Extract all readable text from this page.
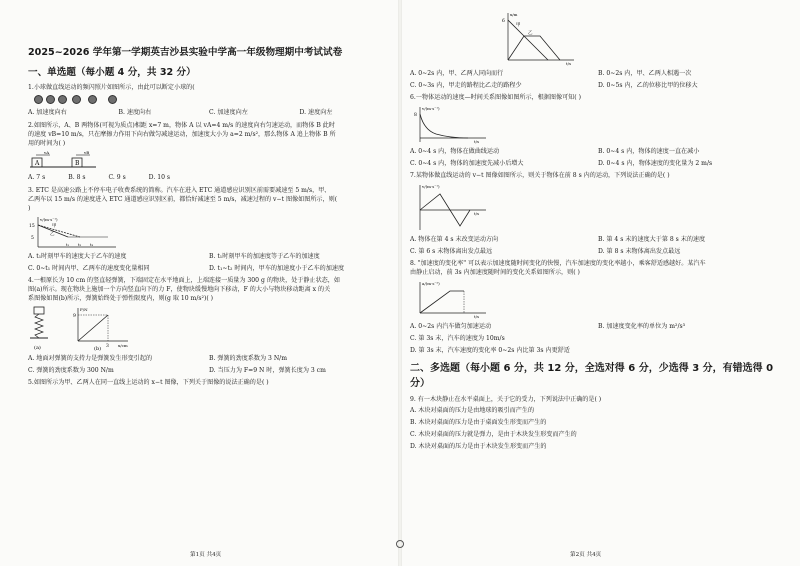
2025~2026 学年第一学期英吉沙县实验中学高一年级物理期中考试试卷
一、单选题（每小题 4 分，共 32 分）

1.小球做直线运动的频闪照片如图所示，由此可以断定小球的(

A. 加速度向右	B. 速度向右	C. 加速度向左	D. 速度向左

2.如图所示，A、B 两物体(可视为质点)相距 x=7 m，物体 A 以 vA=4 m/s 的速度向右匀速运动，而物体 B 此时

的速度 vB=10 m/s，只在摩擦力作用下向右做匀减速运动，加速度大小为 a=2 m/s²，那么物体 A 追上物体 B 所

用的时间为( )

A	B
vA	vB
A. 7 s	B. 8 s	C. 9 s	D. 10 s

3. ETC 是高速公路上不停车电子收费系统的简称。汽车在进入 ETC 通道感应识别区前需要减速至 5 m/s，甲、

乙两车以 15 m/s 的速度进入 ETC 通道感应识别区前，都恰好减速至 5 m/s，减速过程的 v−t 图像如图所示，则(

)

v/(m·s⁻¹)
15
5
甲
乙
t₁ t₂ t₃
A. t₁时刻甲车的速度大于乙车的速度	B. t₁时刻甲车的加速度等于乙车的加速度
C. 0~t₁ 时间内甲、乙两车的速度变化量相同	D. t₁~t₂ 时间内，甲车的加速度小于乙车的加速度

4.一根原长为 10 cm 的竖直轻弹簧，下端固定在水平地面上，上端连接一质量为 300 g 的物块，处于静止状态，如

图(a)所示。现在物块上施加一个方向竖直向下的力 F，使物块缓慢地向下移动，F 的大小与物块移动距离 x 的关

系图像如图(b)所示，弹簧始终处于弹性限度内，则(g 取 10 m/s²)( )

(a)
F/N
9
3 x/cm
(b)
A. 地面对弹簧的支持力是弹簧发生形变引起的	B. 弹簧的劲度系数为 3 N/m
C. 弹簧的劲度系数为 300 N/m	D. 当压力为 F=9 N 时，弹簧长度为 3 cm

5.如图所示为甲、乙两人在同一直线上运动的 x−t 图像，下列关于图像的说法正确的是( )

第1页 共4页
x/m
6
甲
乙
t/s
A. 0~2s 内，甲、乙两人同向而行	B. 0~2s 内，甲、乙两人相遇一次
C. 0~3s 内，甲走的路程比乙走的路程少	D. 0~5s 内，乙的位移比甲的位移大

6.一物体运动的速度—时间关系图像如图所示，根据图像可知( )

v/(m·s⁻¹)
8
t/s
A. 0~4 s 内，物体在做曲线运动	B. 0~4 s 内，物体的速度一直在减小
C. 0~4 s 内，物体的加速度先减小后增大	D. 0~4 s 内，物体速度的变化量为 2 m/s

7.某物体做直线运动的 v−t 图像如图所示，则关于物体在前 8 s 内的运动，下列说法正确的是( )

v/(m·s⁻¹)
t/s
A. 物体在第 4 s 末改变运动方向	B. 第 4 s 末的速度大于第 8 s 末的速度
C. 第 6 s 末物体离出发点最远	D. 第 8 s 末物体离出发点最远

8. "加速度的变化率" 可以表示加速度随时间变化的快慢，汽车加速度的变化率越小，乘客舒适感越好。某汽车

由静止启动，前 3s 内加速度随时间的变化关系如图所示，则( )

a/(m·s⁻²)
t/s
A. 0~2s 内汽车做匀加速运动	B. 加速度变化率的单位为 m²/s³
C. 第 3s 末，汽车的速度为 10m/s
D. 第 3s 末，汽车速度的变化率 0~2s 内比第 3s 内更舒适
二、多选题（每小题 6 分，共 12 分，全选对得 6 分，少选得 3 分，有错选得 0 分）

9. 有一木块静止在水平桌面上，关于它的受力，下列说法中正确的是( )

A. 木块对桌面的压力是由地球的吸引而产生的
B. 木块对桌面的压力是由于桌面发生形变而产生的
C. 木块对桌面的压力就是弹力，是由于木块发生形变而产生的
D. 木块对桌面的压力是由于木块发生形变而产生的
第2页 共4页
